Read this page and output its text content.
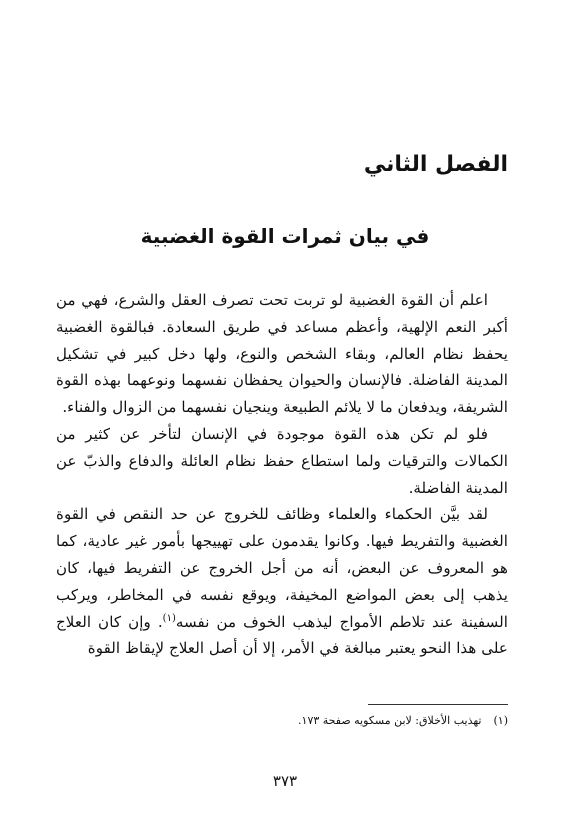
الفصل الثاني
في بيان ثمرات القوة الغضبية

اعلم أن القوة الغضبية لو تربت تحت تصرف العقل والشرع، فهي من أكبر النعم الإلهية، وأعظم مساعد في طريق السعادة. فبالقوة الغضبية يحفظ نظام العالم، وبقاء الشخص والنوع، ولها دخل كبير في تشكيل المدينة الفاضلة. فالإنسان والحيوان يحفظان نفسهما ونوعهما بهذه القوة الشريفة، ويدفعان ما لا يلائم الطبيعة وينجيان نفسهما من الزوال والفناء.

فلو لم تكن هذه القوة موجودة في الإنسان لتأخر عن كثير من الكمالات والترقيات ولما استطاع حفظ نظام العائلة والدفاع والذبّ عن المدينة الفاضلة.

لقد بيَّن الحكماء والعلماء وظائف للخروج عن حد النقص في القوة الغضبية والتفريط فيها. وكانوا يقدمون على تهييجها بأمور غير عادية، كما هو المعروف عن البعض، أنه من أجل الخروج عن التفريط فيها، كان يذهب إلى بعض المواضع المخيفة، ويوقع نفسه في المخاطر، ويركب السفينة عند تلاطم الأمواج ليذهب الخوف من نفسه$^{(١)}$. وإن كان العلاج على هذا النحو يعتبر مبالغة في الأمر، إلا أن أصل العلاج لإيقاظ القوة

(١)تهذيب الأخلاق: لابن مسكويه صفحة ١٧٣.
٣٧٣
